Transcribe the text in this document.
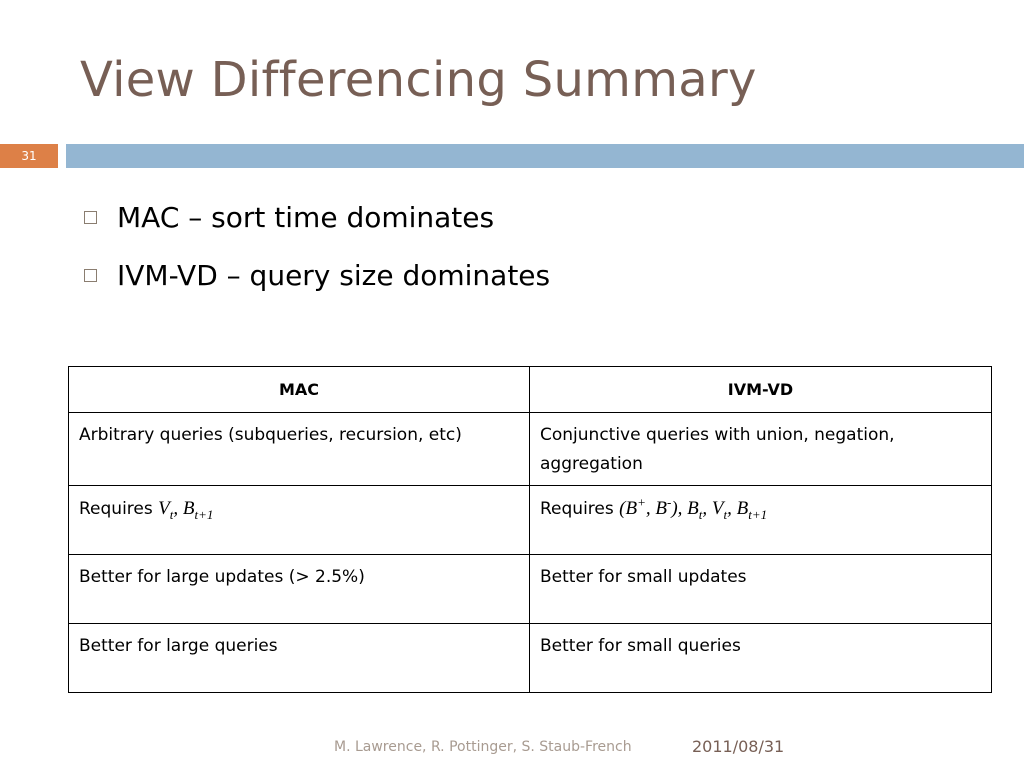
View Differencing Summary
31
MAC – sort time dominates
IVM-VD – query size dominates
MAC	IVM-VD
Arbitrary queries (subqueries, recursion, etc)	Conjunctive queries with union, negation, aggregation
Requires $V_t$, $B_{t+1}$	Requires (B+, B-), $B_t$, $V_t$, $B_{t+1}$
Better for large updates (> 2.5%)	Better for small updates
Better for large queries	Better for small queries
M. Lawrence, R. Pottinger, S. Staub-French	2011/08/31
